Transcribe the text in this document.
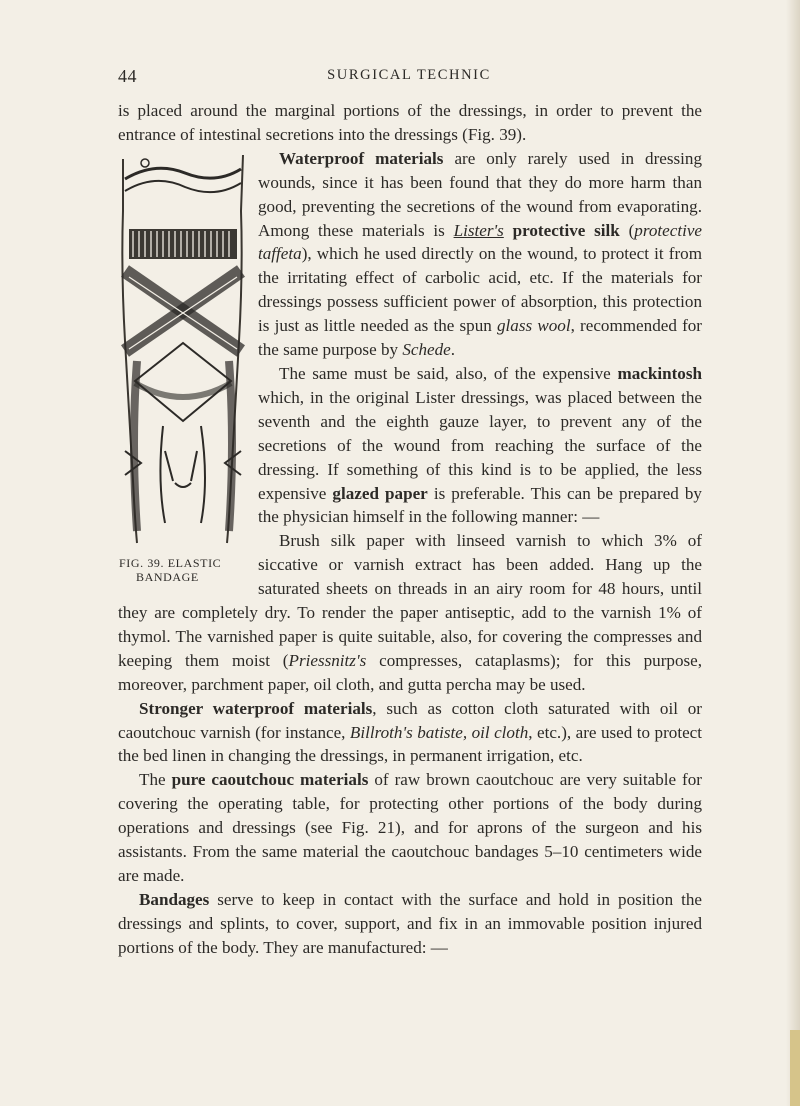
44	SURGICAL TECHNIC

is placed around the marginal portions of the dressings, in order to prevent the entrance of intestinal secretions into the dressings (Fig. 39).

FIG. 39. ELASTIC
BANDAGE

Waterproof materials are only rarely used in dressing wounds, since it has been found that they do more harm than good, preventing the secretions of the wound from evaporating. Among these materials is Lister's protective silk (protective taffeta), which he used directly on the wound, to protect it from the irritating effect of carbolic acid, etc. If the materials for dressings possess sufficient power of absorption, this protection is just as little needed as the spun glass wool, recommended for the same purpose by Schede.

The same must be said, also, of the expensive mackintosh which, in the original Lister dressings, was placed between the seventh and the eighth gauze layer, to prevent any of the secretions of the wound from reaching the surface of the dressing. If something of this kind is to be applied, the less expensive glazed paper is preferable. This can be prepared by the physician himself in the following manner: —

Brush silk paper with linseed varnish to which 3% of siccative or varnish extract has been added. Hang up the saturated sheets on threads in an airy room for 48 hours, until they are completely dry. To render the paper antiseptic, add to the varnish 1% of thymol. The varnished paper is quite suitable, also, for covering the compresses and keeping them moist (Priessnitz's compresses, cataplasms); for this purpose, moreover, parchment paper, oil cloth, and gutta percha may be used.

Stronger waterproof materials, such as cotton cloth saturated with oil or caoutchouc varnish (for instance, Billroth's batiste, oil cloth, etc.), are used to protect the bed linen in changing the dressings, in permanent irrigation, etc.

The pure caoutchouc materials of raw brown caoutchouc are very suitable for covering the operating table, for protecting other portions of the body during operations and dressings (see Fig. 21), and for aprons of the surgeon and his assistants. From the same material the caoutchouc bandages 5–10 centimeters wide are made.

Bandages serve to keep in contact with the surface and hold in position the dressings and splints, to cover, support, and fix in an immovable position injured portions of the body. They are manufactured: —
